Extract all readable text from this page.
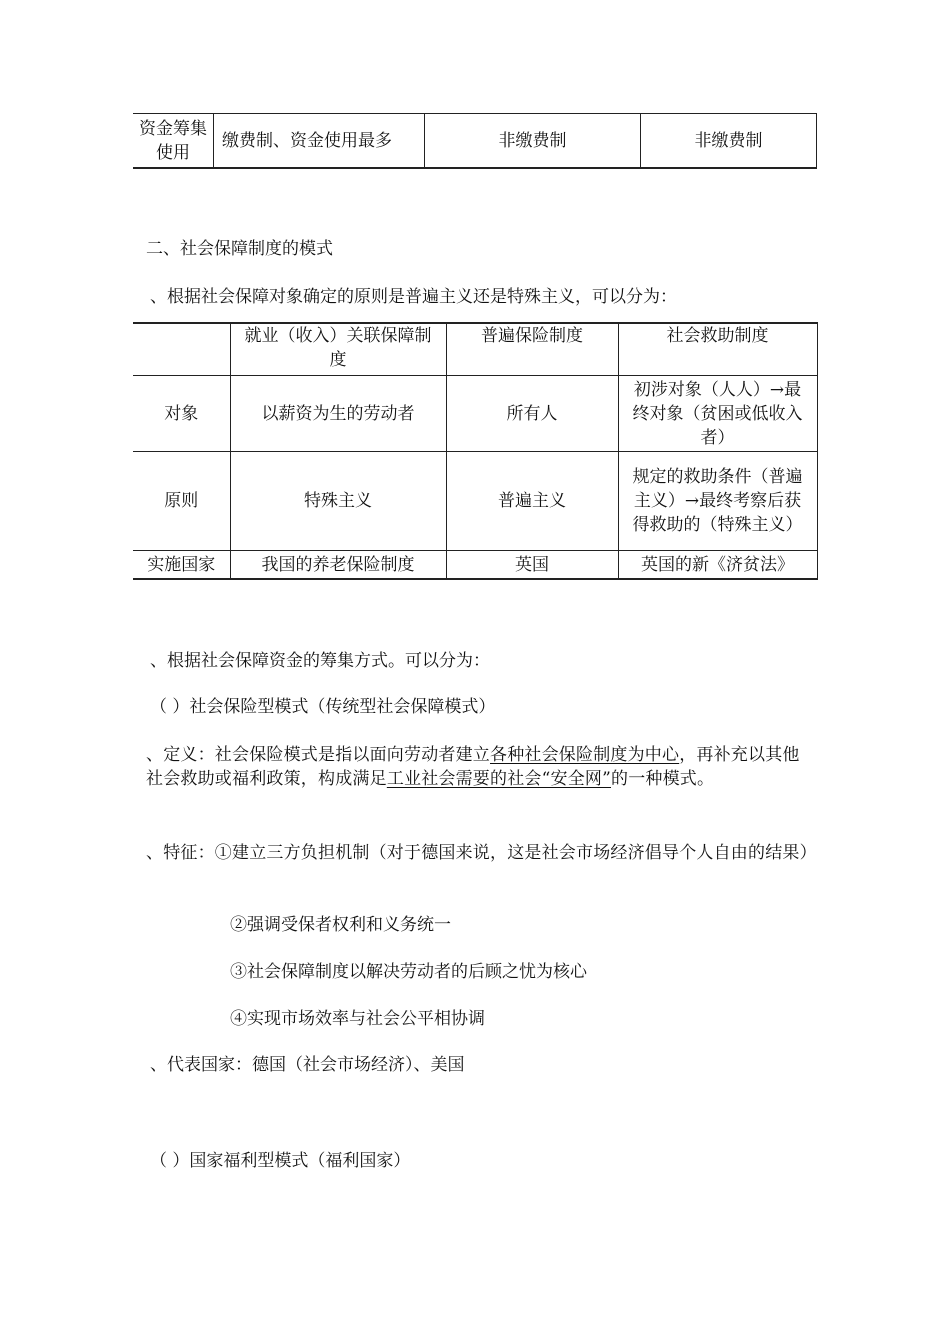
资金筹集使用	缴费制、资金使用最多	非缴费制	非缴费制
二、社会保障制度的模式
、根据社会保障对象确定的原则是普遍主义还是特殊主义，可以分为：
	就业（收入）关联保障制度	普遍保险制度	社会救助制度
对象	以薪资为生的劳动者	所有人	初涉对象（人人）→最终对象（贫困或低收入者）
原则	特殊主义	普遍主义	规定的救助条件（普遍主义）→最终考察后获得救助的（特殊主义）
实施国家	我国的养老保险制度	英国	英国的新《济贫法》
、根据社会保障资金的筹集方式。可以分为：
（ ）社会保险型模式（传统型社会保障模式）
、定义：社会保险模式是指以面向劳动者建立各种社会保险制度为中心，再补充以其他社会救助或福利政策，构成满足工业社会需要的社会“安全网”的一种模式。
、特征：①建立三方负担机制（对于德国来说，这是社会市场经济倡导个人自由的结果）
②强调受保者权利和义务统一
③社会保障制度以解决劳动者的后顾之忧为核心
④实现市场效率与社会公平相协调
、代表国家：德国（社会市场经济）、美国
（ ）国家福利型模式（福利国家）
